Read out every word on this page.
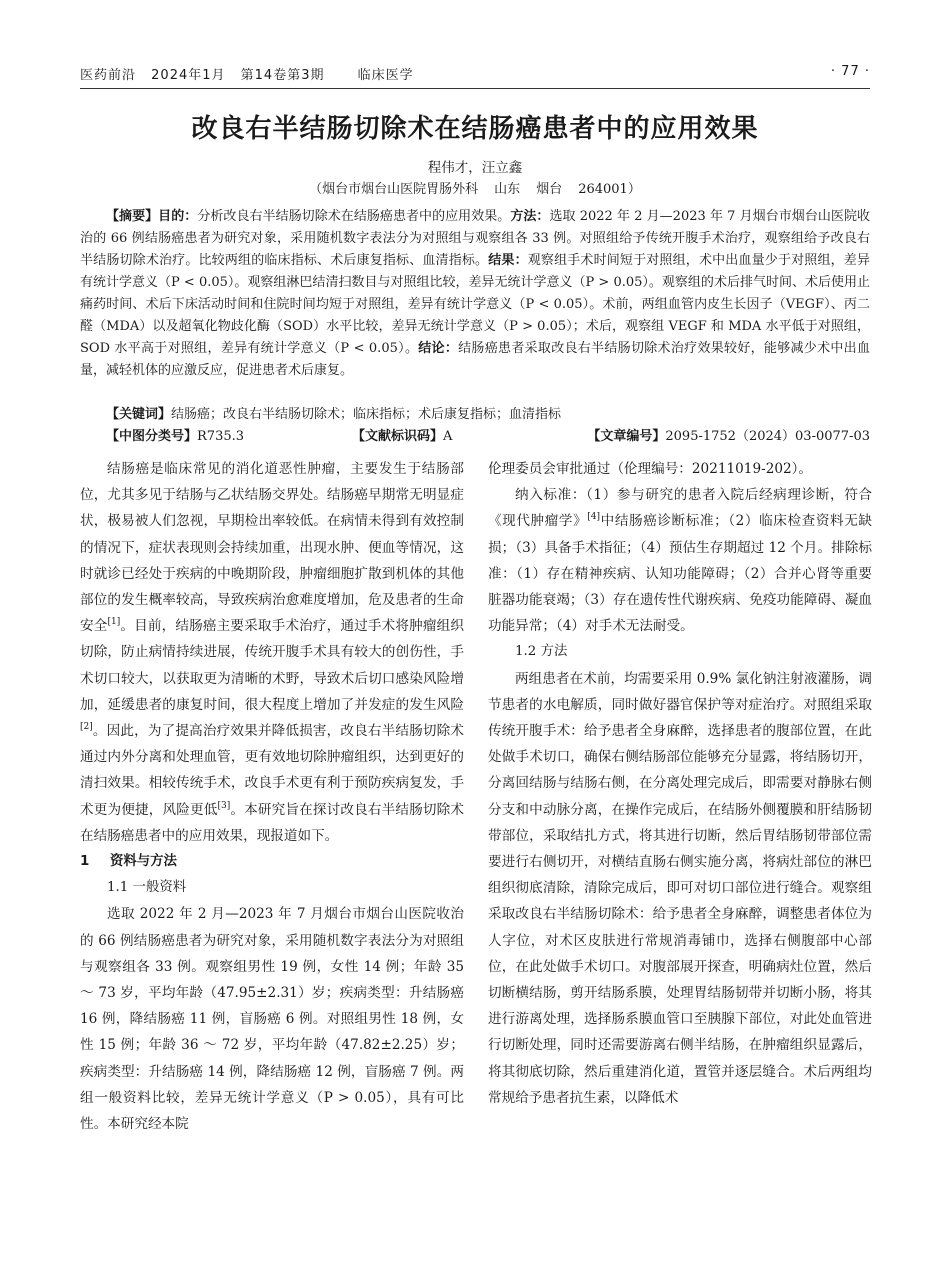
医药前沿 2024年1月 第14卷第3期	临床医学	· 77 ·
改良右半结肠切除术在结肠癌患者中的应用效果
程伟才，汪立鑫
（烟台市烟台山医院胃肠外科 山东 烟台 264001）
【摘要】目的：分析改良右半结肠切除术在结肠癌患者中的应用效果。方法：选取 2022 年 2 月—2023 年 7 月烟台市烟台山医院收治的 66 例结肠癌患者为研究对象，采用随机数字表法分为对照组与观察组各 33 例。对照组给予传统开腹手术治疗，观察组给予改良右半结肠切除术治疗。比较两组的临床指标、术后康复指标、血清指标。结果：观察组手术时间短于对照组，术中出血量少于对照组，差异有统计学意义（P < 0.05）。观察组淋巴结清扫数目与对照组比较，差异无统计学意义（P > 0.05）。观察组的术后排气时间、术后使用止痛药时间、术后下床活动时间和住院时间均短于对照组，差异有统计学意义（P < 0.05）。术前，两组血管内皮生长因子（VEGF）、丙二醛（MDA）以及超氧化物歧化酶（SOD）水平比较，差异无统计学意义（P > 0.05）；术后，观察组 VEGF 和 MDA 水平低于对照组，SOD 水平高于对照组，差异有统计学意义（P < 0.05）。结论：结肠癌患者采取改良右半结肠切除术治疗效果较好，能够减少术中出血量，减轻机体的应激反应，促进患者术后康复。
【关键词】结肠癌；改良右半结肠切除术；临床指标；术后康复指标；血清指标
【中图分类号】R735.3	【文献标识码】A	【文章编号】2095-1752（2024）03-0077-03

结肠癌是临床常见的消化道恶性肿瘤，主要发生于结肠部位，尤其多见于结肠与乙状结肠交界处。结肠癌早期常无明显症状，极易被人们忽视，早期检出率较低。在病情未得到有效控制的情况下，症状表现则会持续加重，出现水肿、便血等情况，这时就诊已经处于疾病的中晚期阶段，肿瘤细胞扩散到机体的其他部位的发生概率较高，导致疾病治愈难度增加，危及患者的生命安全[1]。目前，结肠癌主要采取手术治疗，通过手术将肿瘤组织切除，防止病情持续进展，传统开腹手术具有较大的创伤性，手术切口较大，以获取更为清晰的术野，导致术后切口感染风险增加，延缓患者的康复时间，很大程度上增加了并发症的发生风险[2]。因此，为了提高治疗效果并降低损害，改良右半结肠切除术通过内外分离和处理血管，更有效地切除肿瘤组织，达到更好的清扫效果。相较传统手术，改良手术更有利于预防疾病复发，手术更为便捷，风险更低[3]。本研究旨在探讨改良右半结肠切除术在结肠癌患者中的应用效果，现报道如下。

1 资料与方法

1.1 一般资料

选取 2022 年 2 月—2023 年 7 月烟台市烟台山医院收治的 66 例结肠癌患者为研究对象，采用随机数字表法分为对照组与观察组各 33 例。观察组男性 19 例，女性 14 例；年龄 35 ～ 73 岁，平均年龄（47.95±2.31）岁；疾病类型：升结肠癌 16 例，降结肠癌 11 例，盲肠癌 6 例。对照组男性 18 例，女性 15 例；年龄 36 ～ 72 岁，平均年龄（47.82±2.25）岁；疾病类型：升结肠癌 14 例，降结肠癌 12 例，盲肠癌 7 例。两组一般资料比较，差异无统计学意义（P > 0.05），具有可比性。本研究经本院

伦理委员会审批通过（伦理编号：20211019-202）。

纳入标准：（1）参与研究的患者入院后经病理诊断，符合《现代肿瘤学》[4]中结肠癌诊断标准；（2）临床检查资料无缺损；（3）具备手术指征；（4）预估生存期超过 12 个月。排除标准：（1）存在精神疾病、认知功能障碍；（2）合并心肾等重要脏器功能衰竭；（3）存在遗传性代谢疾病、免疫功能障碍、凝血功能异常；（4）对手术无法耐受。

1.2 方法

两组患者在术前，均需要采用 0.9% 氯化钠注射液灌肠，调节患者的水电解质，同时做好器官保护等对症治疗。对照组采取传统开腹手术：给予患者全身麻醉，选择患者的腹部位置，在此处做手术切口，确保右侧结肠部位能够充分显露，将结肠切开，分离回结肠与结肠右侧，在分离处理完成后，即需要对静脉右侧分支和中动脉分离，在操作完成后，在结肠外侧覆膜和肝结肠韧带部位，采取结扎方式，将其进行切断，然后胃结肠韧带部位需要进行右侧切开，对横结直肠右侧实施分离，将病灶部位的淋巴组织彻底清除，清除完成后，即可对切口部位进行缝合。观察组采取改良右半结肠切除术：给予患者全身麻醉，调整患者体位为人字位，对术区皮肤进行常规消毒铺巾，选择右侧腹部中心部位，在此处做手术切口。对腹部展开探查，明确病灶位置，然后切断横结肠，剪开结肠系膜，处理胃结肠韧带并切断小肠，将其进行游离处理，选择肠系膜血管口至胰腺下部位，对此处血管进行切断处理，同时还需要游离右侧半结肠，在肿瘤组织显露后，将其彻底切除，然后重建消化道，置管并逐层缝合。术后两组均常规给予患者抗生素，以降低术
